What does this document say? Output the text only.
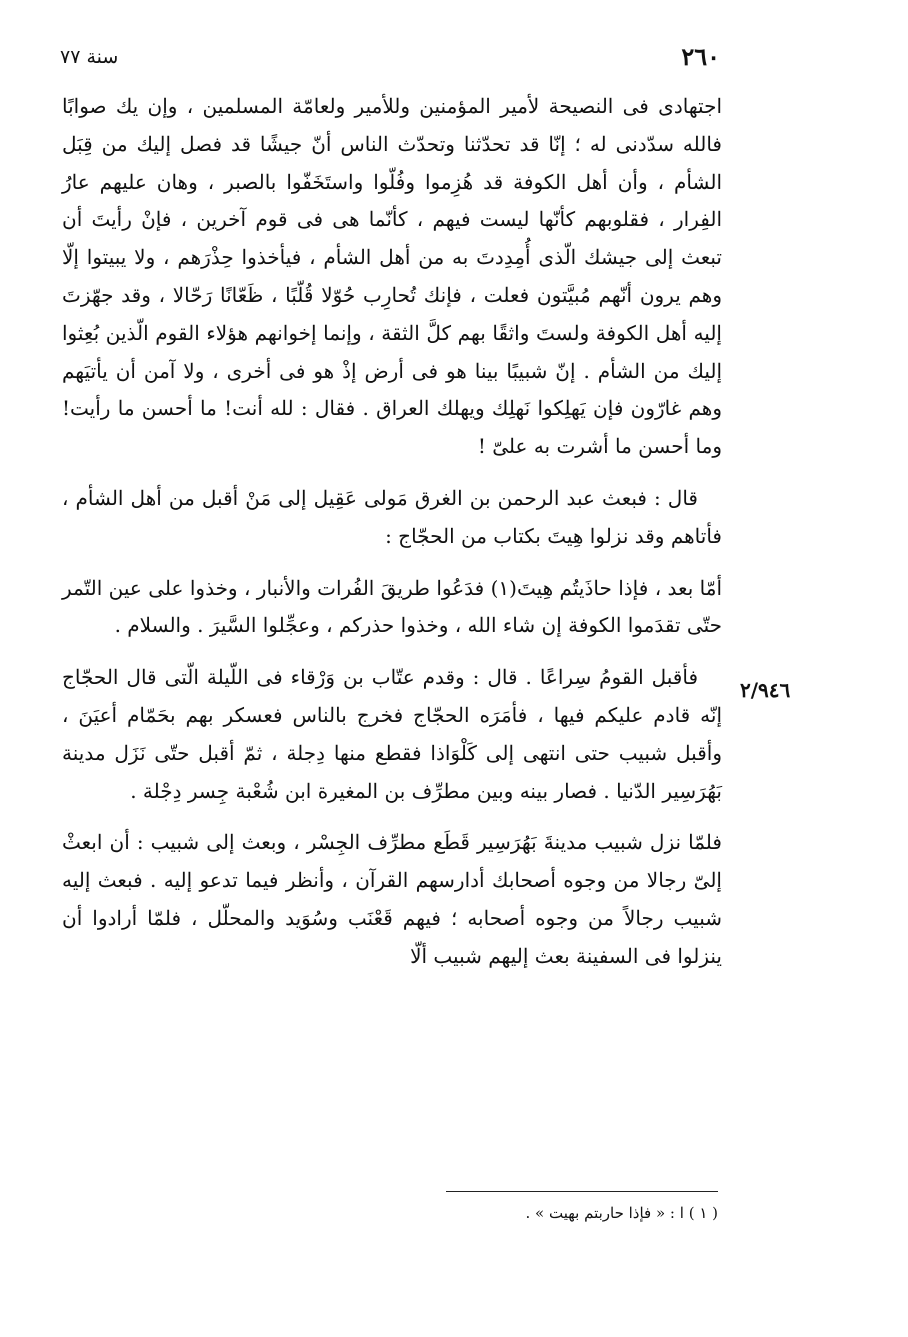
٢٦٠
سنة ٧٧

اجتهادى فى النصيحة لأمير المؤمنين وللأمير ولعامّة المسلمين ، وإن يك صوابًا فالله سدّدنى له ؛ إنّا قد تحدّثنا وتحدّث الناس أنّ جيشًا قد فصل إليك من قِبَل الشأم ، وأن أهل الكوفة قد هُزِموا وفُلّوا واستَخَفّوا بالصبر ، وهان عليهم عارُ الفِرار ، فقلوبهم كأنّها ليست فيهم ، كأنّما هى فى قوم آخرين ، فإنْ رأيتَ أن تبعث إلى جيشك الّذى أُمِدِدتَ به من أهل الشأم ، فيأخذوا حِذْرَهم ، ولا يبيتوا إلّا وهم يرون أنّهم مُبيَّتون فعلت ، فإنك تُحارِب حُوّلا قُلّبًا ، ظَعّانًا رَحّالا ، وقد جهّزتَ إليه أهل الكوفة ولستَ واثقًا بهم كلَّ الثقة ، وإنما إخوانهم هؤلاء القوم الّذين بُعِثوا إليك من الشأم . إنّ شبيبًا بينا هو فى أرض إذْ هو فى أخرى ، ولا آمن أن يأتيَهم وهم غارّون فإن يَهلِكوا نَهلِك ويهلك العراق . فقال : لله أنت! ما أحسن ما رأيت! وما أحسن ما أشرت به علىّ !

قال : فبعث عبد الرحمن بن الغرق مَولى عَقِيل إلى مَنْ أقبل من أهل الشأم ، فأتاهم وقد نزلوا هِيتَ بكتاب من الحجّاج :

أمّا بعد ، فإذا حاذَيتُم هِيتَ(١) فدَعُوا طريقَ الفُرات والأنبار ، وخذوا على عين التّمر حتّى تقدَموا الكوفة إن شاء الله ، وخذوا حذركم ، وعجِّلوا السَّيرَ . والسلام .

فأقبل القومُ سِراعًا . قال : وقدم عتّاب بن وَرْقاء فى اللّيلة الّتى قال الحجّاج إنّه قادم عليكم فيها ، فأمَرَه الحجّاج فخرج بالناس فعسكر بهم بحَمّام أعيَنَ ، وأقبل شبيب حتى انتهى إلى كَلْوَاذا فقطع منها دِجلة ، ثمّ أقبل حتّى نَزَل مدينة بَهُرَسِير الدّنيا . فصار بينه وبين مطرِّف بن المغيرة ابن شُعْبة جِسر دِجْلة .

فلمّا نزل شبيب مدينةَ بَهُرَسِير قَطَع مطرِّف الجِسْر ، وبعث إلى شبيب : أن ابعثْ إلىّ رجالا من وجوه أصحابك أدارسهم القرآن ، وأنظر فيما تدعو إليه . فبعث إليه شبيب رجالاً من وجوه أصحابه ؛ فيهم قَعْنَب وسُوَيد والمحلّل ، فلمّا أرادوا أن ينزلوا فى السفينة بعث إليهم شبيب ألّا

٢/٩٤٦
( ١ ) ا : « فإذا حاربتم بهيت » .
